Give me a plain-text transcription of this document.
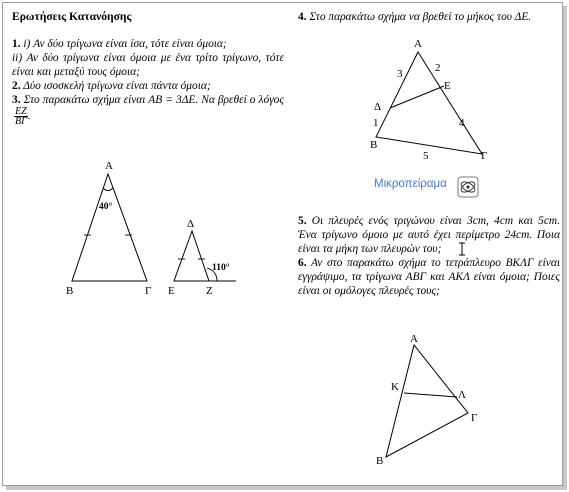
Ερωτήσεις Κατανόησης
1. i) Αν δύο τρίγωνα είναι ίσα, τότε είναι όμοια;
ii) Αν δύο τρίγωνα είναι όμοια με ένα τρίτο τρίγωνο, τότε είναι και μεταξύ τους όμοια;
2. Δύο ισοσκελή τρίγωνα είναι πάντα όμοια;
3. Στο παρακάτω σχήμα είναι ΑΒ = 3ΔΕ. Να βρεθεί ο λόγος
$\frac{EZ}{B\Gamma}$ .
4. Στο παρακάτω σχήμα να βρεθεί το μήκος του ΔΕ.
5. Οι πλευρές ενός τριγώνου είναι 3cm, 4cm και 5cm. Ένα τρίγωνο όμοιο με αυτό έχει περίμετρο 24cm. Ποια είναι τα μήκη των πλευρών του;
6. Αν στο παρακάτω σχήμα το τετράπλευρο ΒΚΛΓ είναι εγγράψιμο, τα τρίγωνα ΑΒΓ και ΑΚΛ είναι όμοια; Ποιες είναι οι ομόλογες πλευρές τους;
Μικροπείραμα
Α
40°
Β	Γ
Δ
Ε	Ζ
110°
Α
Δ
Ε
Β
Γ
3	2
1	4
5
Α
Κ
Λ
Γ
Β
